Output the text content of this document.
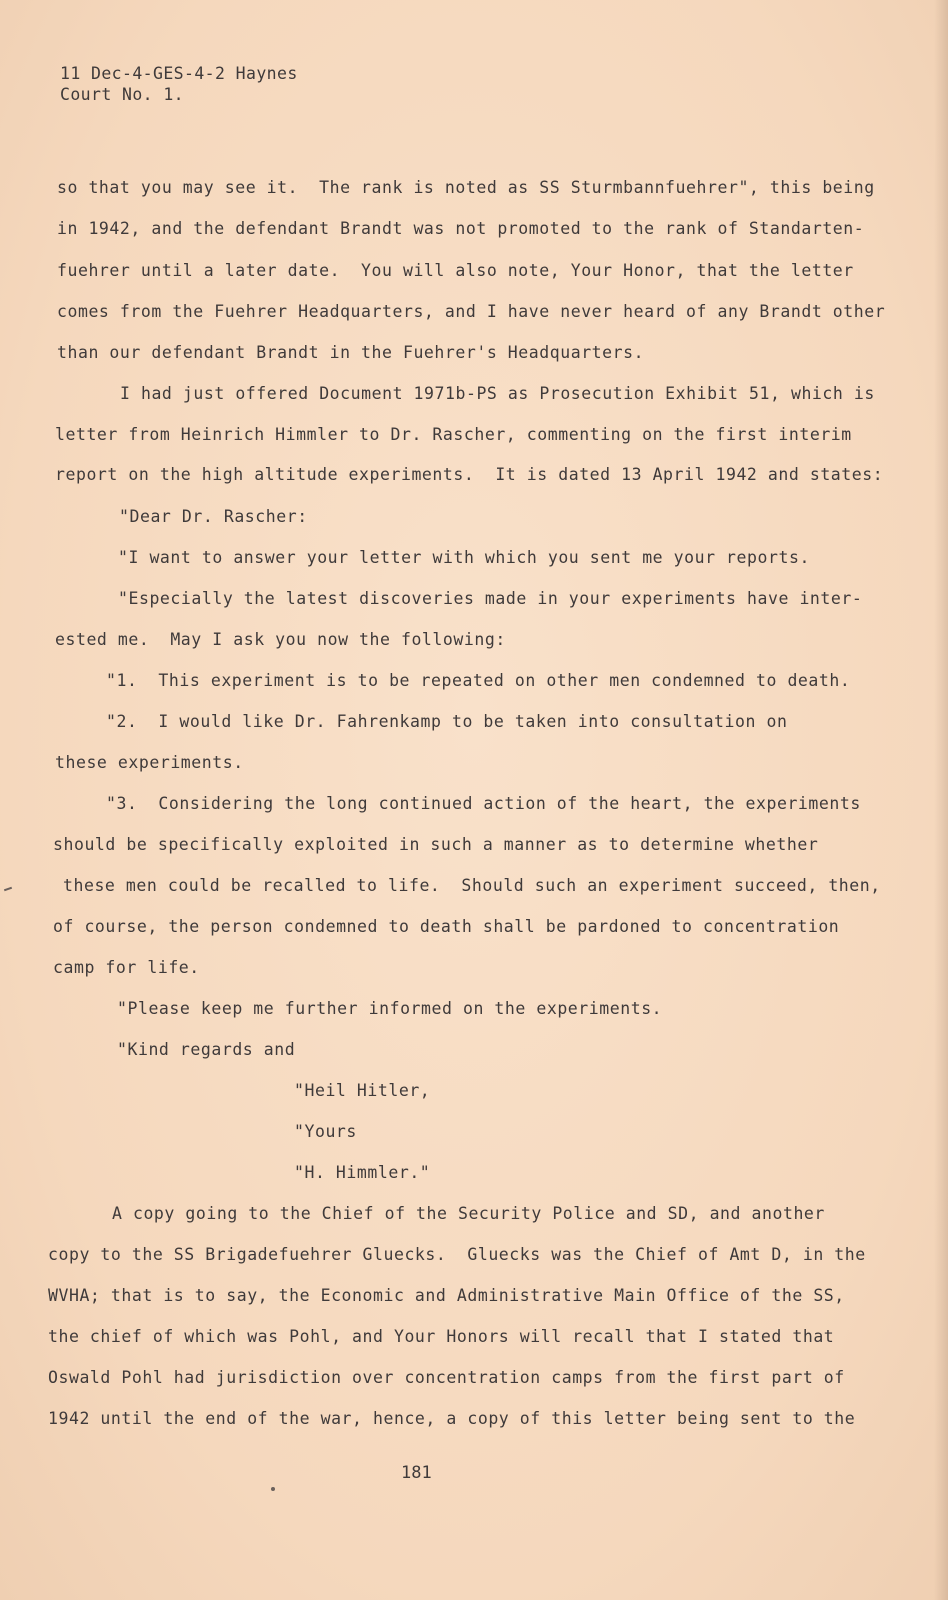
11 Dec-4-GES-4-2 Haynes
Court No. 1.
so that you may see it.  The rank is noted as SS Sturmbannfuehrer", this being
in 1942, and the defendant Brandt was not promoted to the rank of Standarten-
fuehrer until a later date.  You will also note, Your Honor, that the letter
comes from the Fuehrer Headquarters, and I have never heard of any Brandt other
than our defendant Brandt in the Fuehrer's Headquarters.
I had just offered Document 1971b-PS as Prosecution Exhibit 51, which is
letter from Heinrich Himmler to Dr. Rascher, commenting on the first interim
report on the high altitude experiments.  It is dated 13 April 1942 and states:
"Dear Dr. Rascher:
"I want to answer your letter with which you sent me your reports.
"Especially the latest discoveries made in your experiments have inter-
ested me.  May I ask you now the following:
"1.  This experiment is to be repeated on other men condemned to death.
"2.  I would like Dr. Fahrenkamp to be taken into consultation on
these experiments.
"3.  Considering the long continued action of the heart, the experiments
should be specifically exploited in such a manner as to determine whether
these men could be recalled to life.  Should such an experiment succeed, then,
of course, the person condemned to death shall be pardoned to concentration
camp for life.
"Please keep me further informed on the experiments.
"Kind regards and
"Heil Hitler,
"Yours
"H. Himmler."
A copy going to the Chief of the Security Police and SD, and another
copy to the SS Brigadefuehrer Gluecks.  Gluecks was the Chief of Amt D, in the
WVHA; that is to say, the Economic and Administrative Main Office of the SS,
the chief of which was Pohl, and Your Honors will recall that I stated that
Oswald Pohl had jurisdiction over concentration camps from the first part of
1942 until the end of the war, hence, a copy of this letter being sent to the
181
